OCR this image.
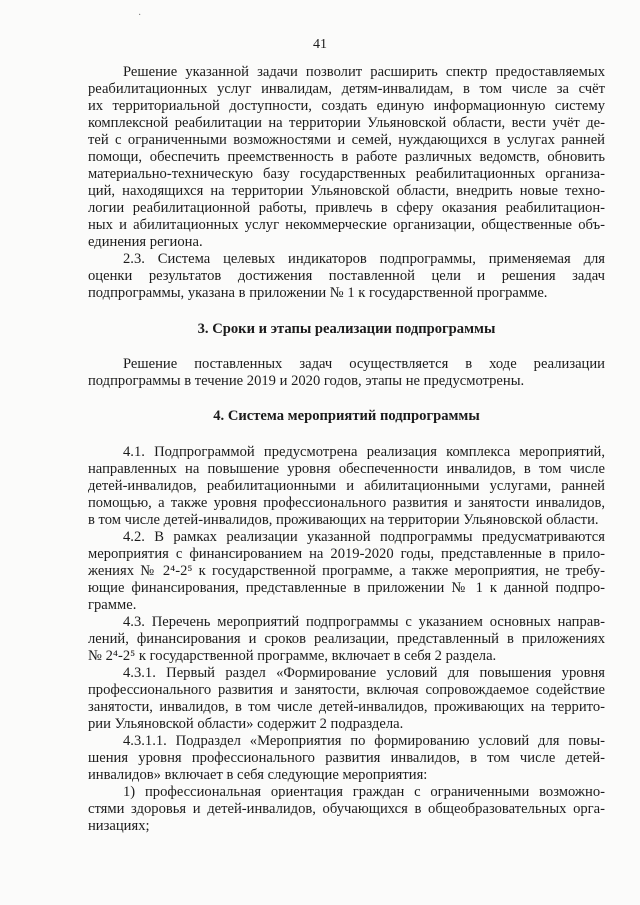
·
41
Решение указанной задачи позволит расширить спектр предоставляемых
реабилитационных услуг инвалидам, детям-инвалидам, в том числе за счёт
их территориальной доступности, создать единую информационную систему
комплексной реабилитации на территории Ульяновской области, вести учёт де-
тей с ограниченными возможностями и семей, нуждающихся в услугах ранней
помощи, обеспечить преемственность в работе различных ведомств, обновить
материально-техническую базу государственных реабилитационных организа-
ций, находящихся на территории Ульяновской области, внедрить новые техно-
логии реабилитационной работы, привлечь в сферу оказания реабилитацион-
ных и абилитационных услуг некоммерческие организации, общественные объ-
единения региона.
2.3. Система целевых индикаторов подпрограммы, применяемая для
оценки результатов достижения поставленной цели и решения задач
подпрограммы, указана в приложении № 1 к государственной программе.
3. Сроки и этапы реализации подпрограммы
Решение поставленных задач осуществляется в ходе реализации
подпрограммы в течение 2019 и 2020 годов, этапы не предусмотрены.
4. Система мероприятий подпрограммы
4.1. Подпрограммой предусмотрена реализация комплекса мероприятий,
направленных на повышение уровня обеспеченности инвалидов, в том числе
детей-инвалидов, реабилитационными и абилитационными услугами, ранней
помощью, а также уровня профессионального развития и занятости инвалидов,
в том числе детей-инвалидов, проживающих на территории Ульяновской области.
4.2. В рамках реализации указанной подпрограммы предусматриваются
мероприятия с финансированием на 2019-2020 годы, представленные в прило-
жениях № 2⁴-2⁵ к государственной программе, а также мероприятия, не требу-
ющие финансирования, представленные в приложении № 1 к данной подпро-
грамме.
4.3. Перечень мероприятий подпрограммы с указанием основных направ-
лений, финансирования и сроков реализации, представленный в приложениях
№ 2⁴-2⁵ к государственной программе, включает в себя 2 раздела.
4.3.1. Первый раздел «Формирование условий для повышения уровня
профессионального развития и занятости, включая сопровождаемое содействие
занятости, инвалидов, в том числе детей-инвалидов, проживающих на террито-
рии Ульяновской области» содержит 2 подраздела.
4.3.1.1. Подраздел «Мероприятия по формированию условий для повы-
шения уровня профессионального развития инвалидов, в том числе детей-
инвалидов» включает в себя следующие мероприятия:
1) профессиональная ориентация граждан с ограниченными возможно-
стями здоровья и детей-инвалидов, обучающихся в общеобразовательных орга-
низациях;
